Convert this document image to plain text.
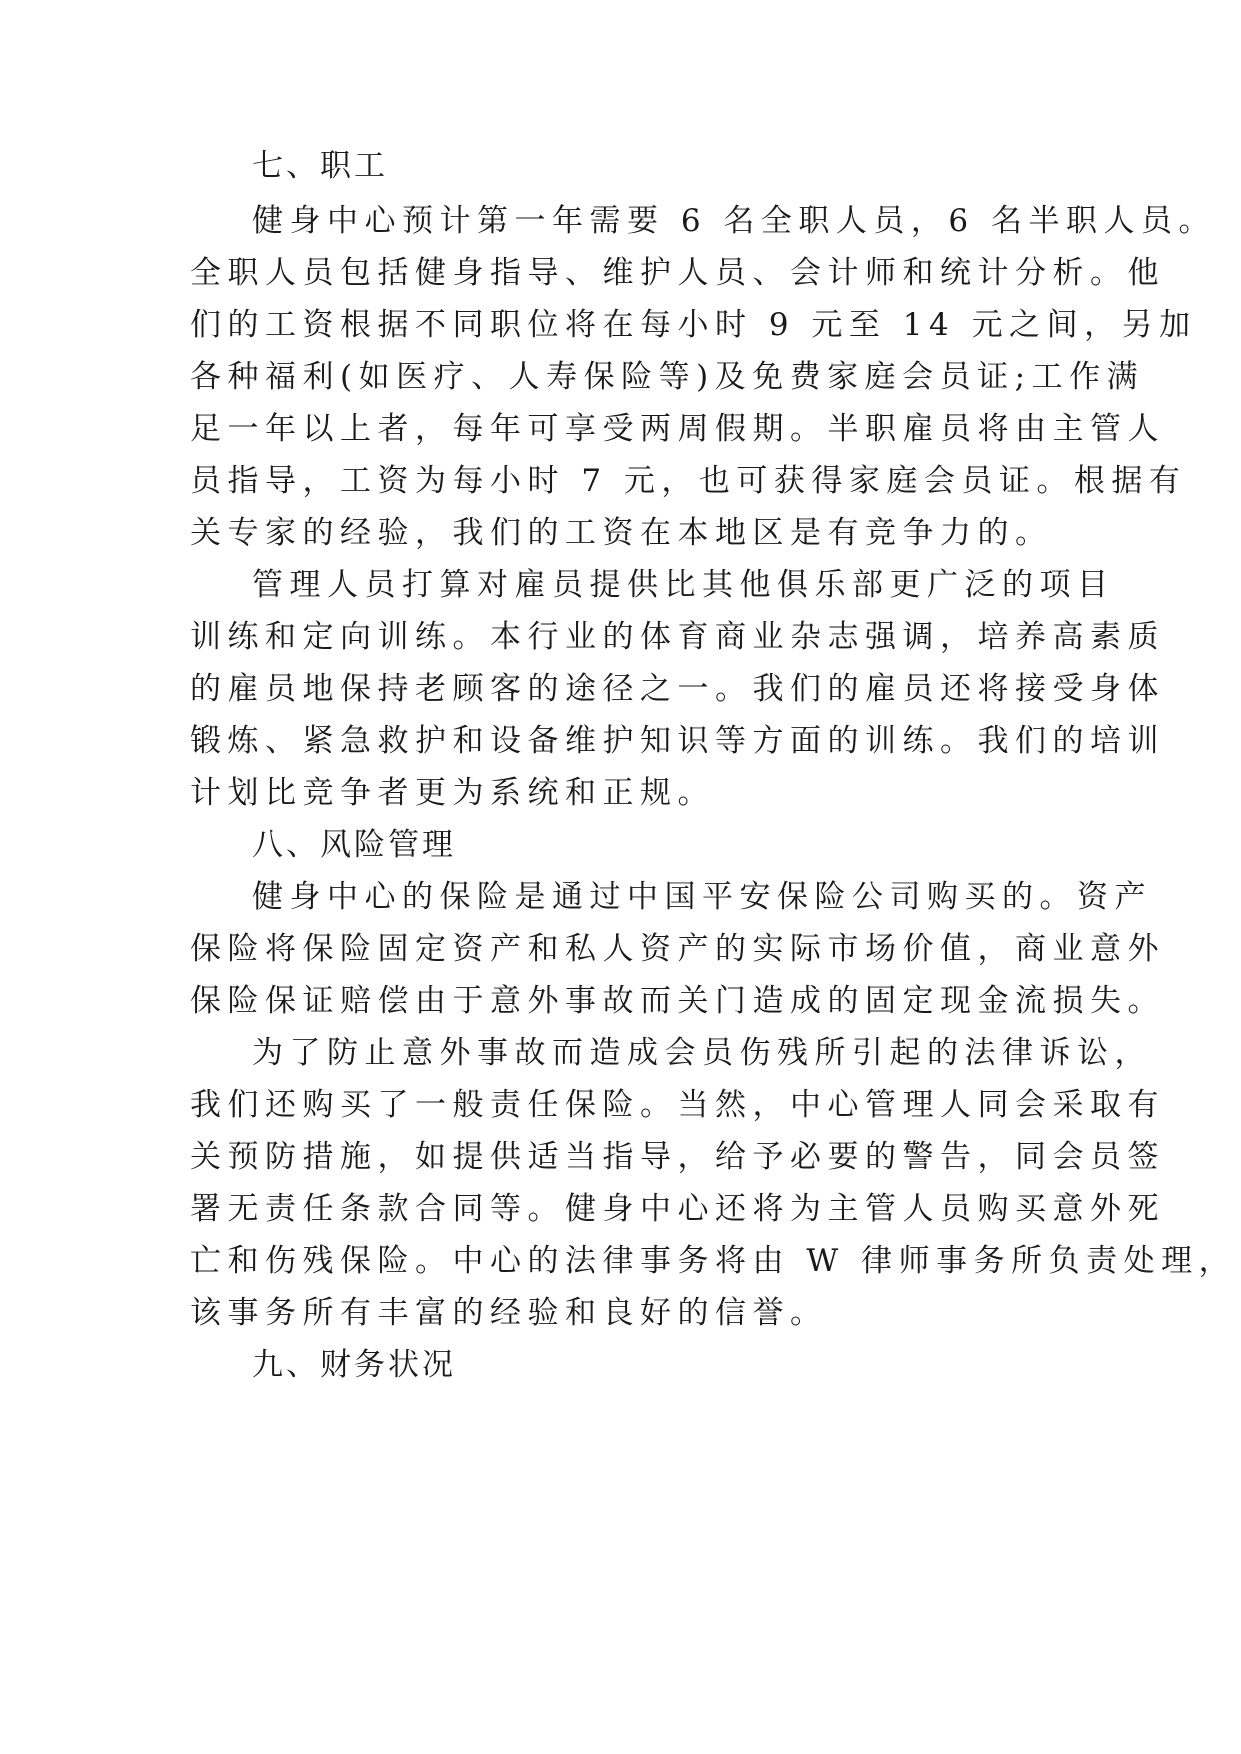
七、职工
健身中心预计第一年需要 6 名全职人员，6 名半职人员。
全职人员包括健身指导、维护人员、会计师和统计分析。他
们的工资根据不同职位将在每小时 9 元至 14 元之间，另加
各种福利(如医疗、人寿保险等)及免费家庭会员证;工作满
足一年以上者，每年可享受两周假期。半职雇员将由主管人
员指导，工资为每小时 7 元，也可获得家庭会员证。根据有
关专家的经验，我们的工资在本地区是有竞争力的。
管理人员打算对雇员提供比其他俱乐部更广泛的项目
训练和定向训练。本行业的体育商业杂志强调，培养高素质
的雇员地保持老顾客的途径之一。我们的雇员还将接受身体
锻炼、紧急救护和设备维护知识等方面的训练。我们的培训
计划比竞争者更为系统和正规。
八、风险管理
健身中心的保险是通过中国平安保险公司购买的。资产
保险将保险固定资产和私人资产的实际市场价值，商业意外
保险保证赔偿由于意外事故而关门造成的固定现金流损失。
为了防止意外事故而造成会员伤残所引起的法律诉讼，
我们还购买了一般责任保险。当然，中心管理人同会采取有
关预防措施，如提供适当指导，给予必要的警告，同会员签
署无责任条款合同等。健身中心还将为主管人员购买意外死
亡和伤残保险。中心的法律事务将由 W 律师事务所负责处理，
该事务所有丰富的经验和良好的信誉。
九、财务状况
